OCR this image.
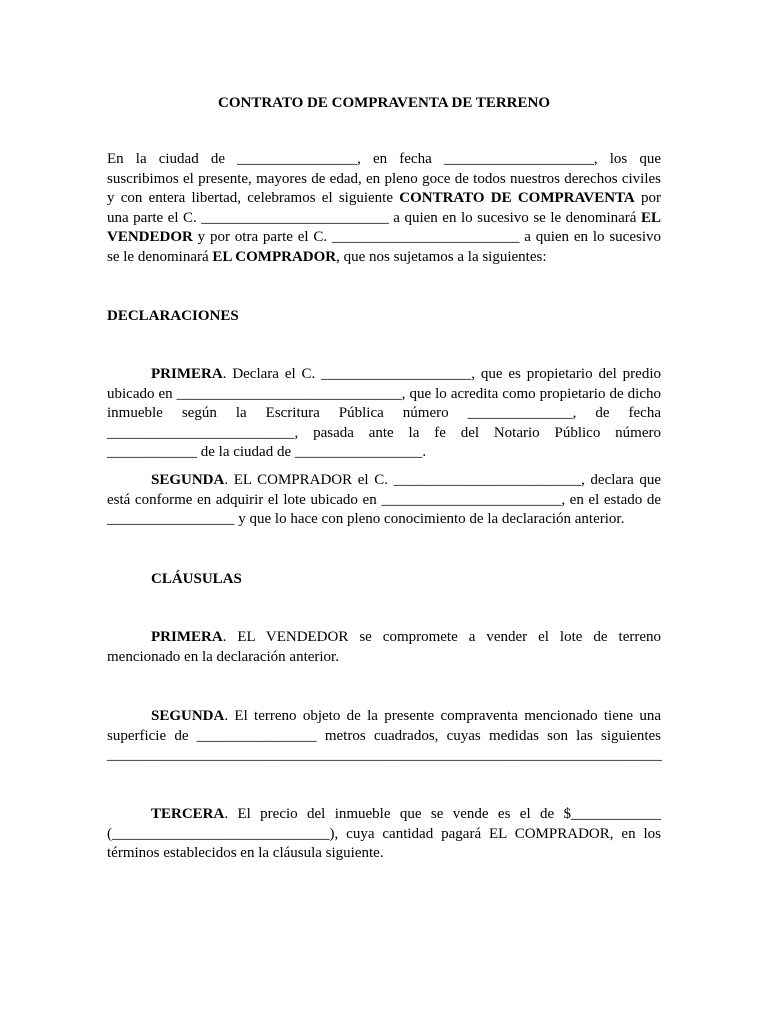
CONTRATO DE COMPRAVENTA DE TERRENO

En la ciudad de ________________, en fecha ____________________, los que suscribimos el presente, mayores de edad, en pleno goce de todos nuestros derechos civiles y con entera libertad, celebramos el siguiente CONTRATO DE COMPRAVENTA por una parte el C. _________________________ a quien en lo sucesivo se le denominará EL VENDEDOR y por otra parte el C. _________________________ a quien en lo sucesivo se le denominará EL COMPRADOR, que nos sujetamos a la siguientes:

DECLARACIONES

PRIMERA. Declara el C. ____________________, que es propietario del predio ubicado en ______________________________, que lo acredita como propietario de dicho inmueble según la Escritura Pública número ______________, de fecha _________________________, pasada ante la fe del Notario Público número ____________ de la ciudad de _________________.

SEGUNDA. EL COMPRADOR el C. _________________________, declara que está conforme en adquirir el lote ubicado en ________________________, en el estado de _________________ y que lo hace con pleno conocimiento de la declaración anterior.

CLÁUSULAS

PRIMERA. EL VENDEDOR se compromete a vender el lote de terreno mencionado en la declaración anterior.

SEGUNDA. El terreno objeto de la presente compraventa mencionado tiene una superficie de ________________ metros cuadrados, cuyas medidas son las siguientes __________________________________________________________________________

TERCERA. El precio del inmueble que se vende es el de $____________ (_____________________________), cuya cantidad pagará EL COMPRADOR, en los términos establecidos en la cláusula siguiente.
